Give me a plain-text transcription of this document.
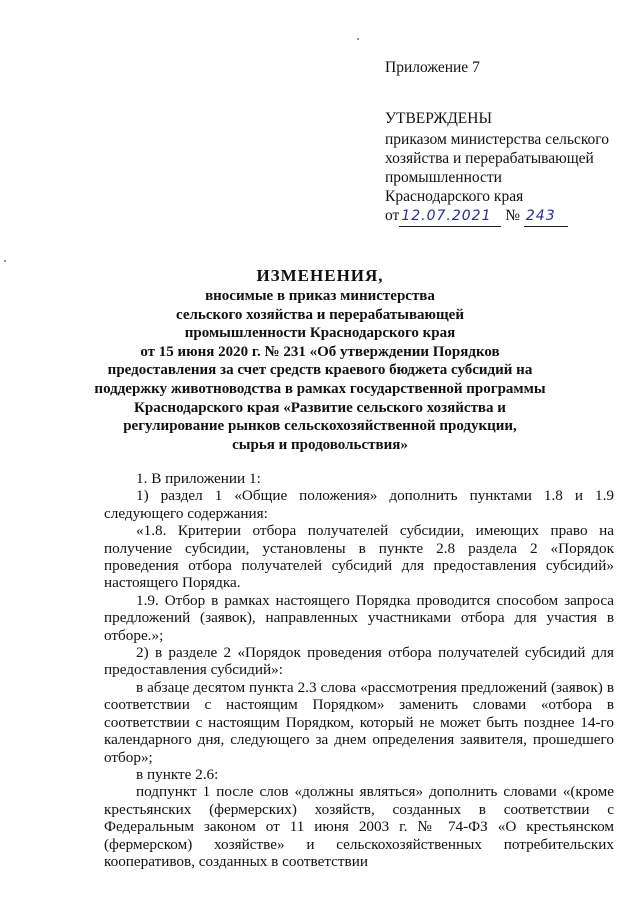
Приложение 7
УТВЕРЖДЕНЫ
приказом министерства сельского
хозяйства и перерабатывающей
промышленности
Краснодарского края
от 12.07.2021 № 243
ИЗМЕНЕНИЯ,
вносимые в приказ министерства
сельского хозяйства и перерабатывающей
промышленности Краснодарского края
от 15 июня 2020 г. № 231 «Об утверждении Порядков
предоставления за счет средств краевого бюджета субсидий на
поддержку животноводства в рамках государственной программы
Краснодарского края «Развитие сельского хозяйства и
регулирование рынков сельскохозяйственной продукции,
сырья и продовольствия»

1. В приложении 1:

1) раздел 1 «Общие положения» дополнить пунктами 1.8 и 1.9 следующего содержания:

«1.8. Критерии отбора получателей субсидии, имеющих право на получение субсидии, установлены в пункте 2.8 раздела 2 «Порядок проведения отбора получателей субсидий для предоставления субсидий» настоящего Порядка.

1.9. Отбор в рамках настоящего Порядка проводится способом запроса предложений (заявок), направленных участниками отбора для участия в отборе.»;

2) в разделе 2 «Порядок проведения отбора получателей субсидий для предоставления субсидий»:

в абзаце десятом пункта 2.3 слова «рассмотрения предложений (заявок) в соответствии с настоящим Порядком» заменить словами «отбора в соответствии с настоящим Порядком, который не может быть позднее 14-го календарного дня, следующего за днем определения заявителя, прошедшего отбор»;

в пункте 2.6:

подпункт 1 после слов «должны являться» дополнить словами «(кроме крестьянских (фермерских) хозяйств, созданных в соответствии с Федеральным законом от 11 июня 2003 г. № 74-ФЗ «О крестьянском (фермерском) хозяйстве» и сельскохозяйственных потребительских кооперативов, созданных в соответствии
